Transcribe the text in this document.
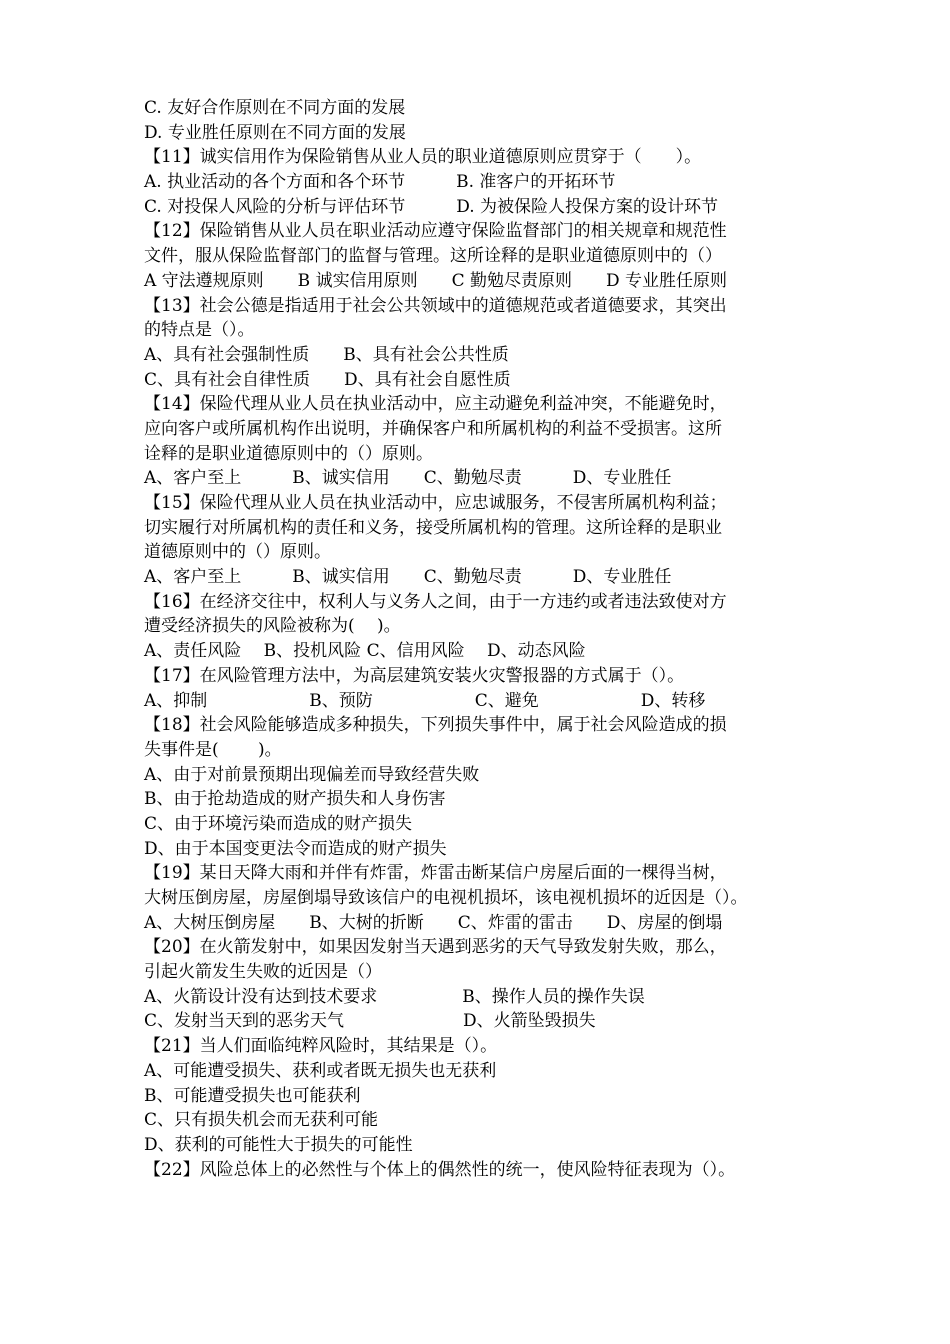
C. 友好合作原则在不同方面的发展
D. 专业胜任原则在不同方面的发展
【11】诚实信用作为保险销售从业人员的职业道德原则应贯穿于（　　）。
A. 执业活动的各个方面和各个环节　　　B. 准客户的开拓环节
C. 对投保人风险的分析与评估环节　　　D. 为被保险人投保方案的设计环节
【12】保险销售从业人员在职业活动应遵守保险监督部门的相关规章和规范性
文件，服从保险监督部门的监督与管理。这所诠释的是职业道德原则中的（）
A 守法遵规原则　　B 诚实信用原则　　C 勤勉尽责原则　　D 专业胜任原则
【13】社会公德是指适用于社会公共领域中的道德规范或者道德要求，其突出
的特点是（）。
A、具有社会强制性质　　B、具有社会公共性质
C、具有社会自律性质　　D、具有社会自愿性质
【14】保险代理从业人员在执业活动中，应主动避免利益冲突，不能避免时，
应向客户或所属机构作出说明，并确保客户和所属机构的利益不受损害。这所
诠释的是职业道德原则中的（）原则。
A、客户至上　　　B、诚实信用　　C、勤勉尽责　　　D、专业胜任
【15】保险代理从业人员在执业活动中，应忠诚服务，不侵害所属机构利益；
切实履行对所属机构的责任和义务，接受所属机构的管理。这所诠释的是职业
道德原则中的（）原则。
A、客户至上　　　B、诚实信用　　C、勤勉尽责　　　D、专业胜任
【16】在经济交往中，权利人与义务人之间，由于一方违约或者违法致使对方
遭受经济损失的风险被称为(　 )。
A、责任风险　 B、投机风险 C、信用风险　 D、动态风险
【17】在风险管理方法中，为高层建筑安装火灾警报器的方式属于（）。
A、抑制　　　　　　B、预防　　　　　　C、避免　　　　　　D、转移
【18】社会风险能够造成多种损失，下列损失事件中，属于社会风险造成的损
失事件是(　　 )。
A、由于对前景预期出现偏差而导致经营失败
B、由于抢劫造成的财产损失和人身伤害
C、由于环境污染而造成的财产损失
D、由于本国变更法令而造成的财产损失
【19】某日天降大雨和并伴有炸雷，炸雷击断某信户房屋后面的一棵得当树，
大树压倒房屋，房屋倒塌导致该信户的电视机损坏，该电视机损坏的近因是（）。
A、大树压倒房屋　　B、大树的折断　　C、炸雷的雷击　　D、房屋的倒塌
【20】在火箭发射中，如果因发射当天遇到恶劣的天气导致发射失败，那么，
引起火箭发生失败的近因是（）
A、火箭设计没有达到技术要求　　　　　B、操作人员的操作失误
C、发射当天到的恶劣天气　　　　　　　D、火箭坠毁损失
【21】当人们面临纯粹风险时，其结果是（）。
A、可能遭受损失、获利或者既无损失也无获利
B、可能遭受损失也可能获利
C、只有损失机会而无获利可能
D、获利的可能性大于损失的可能性
【22】风险总体上的必然性与个体上的偶然性的统一，使风险特征表现为（）。
